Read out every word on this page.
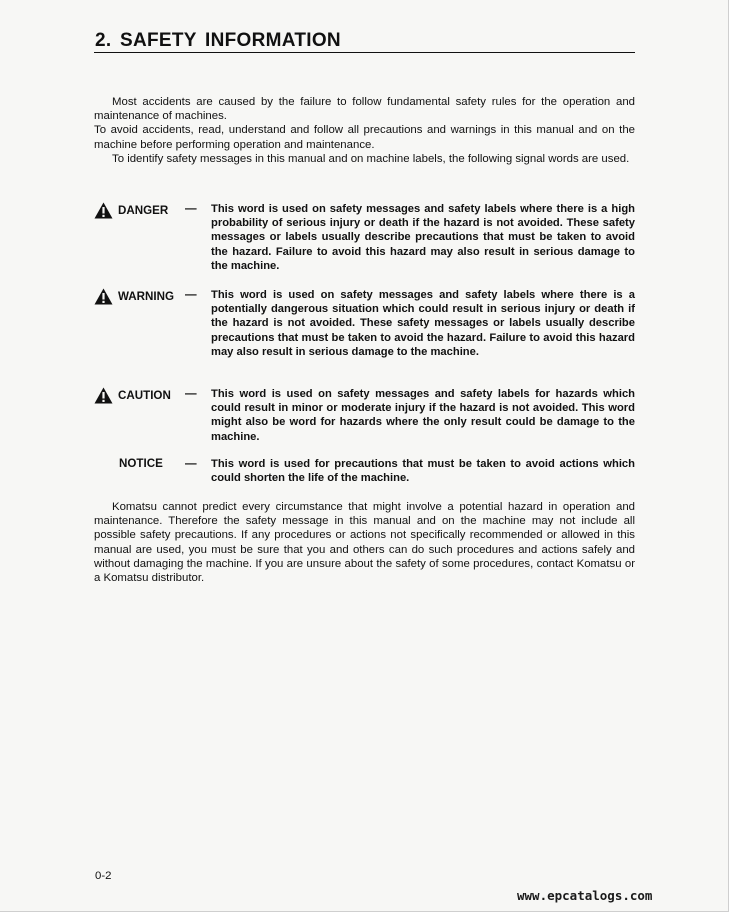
2. SAFETY INFORMATION

Most accidents are caused by the failure to follow fundamental safety rules for the operation and maintenance of machines.

To avoid accidents, read, understand and follow all precautions and warnings in this manual and on the machine before performing operation and maintenance.

To identify safety messages in this manual and on machine labels, the following signal words are used.

DANGER — This word is used on safety messages and safety labels where there is a high probability of serious injury or death if the hazard is not avoided. These safety messages or labels usually describe precautions that must be taken to avoid the hazard. Failure to avoid this hazard may also result in serious damage to the machine.
WARNING — This word is used on safety messages and safety labels where there is a potentially dangerous situation which could result in serious injury or death if the hazard is not avoided. These safety messages or labels usually describe precautions that must be taken to avoid the hazard. Failure to avoid this hazard may also result in serious damage to the machine.
CAUTION — This word is used on safety messages and safety labels for hazards which could result in minor or moderate injury if the hazard is not avoided. This word might also be word for hazards where the only result could be damage to the machine.
NOTICE — This word is used for precautions that must be taken to avoid actions which could shorten the life of the machine.

Komatsu cannot predict every circumstance that might involve a potential hazard in operation and maintenance. Therefore the safety message in this manual and on the machine may not include all possible safety precautions. If any procedures or actions not specifically recommended or allowed in this manual are used, you must be sure that you and others can do such procedures and actions safely and without damaging the machine. If you are unsure about the safety of some procedures, contact Komatsu or a Komatsu distributor.

0-2
www.epcatalogs.com
